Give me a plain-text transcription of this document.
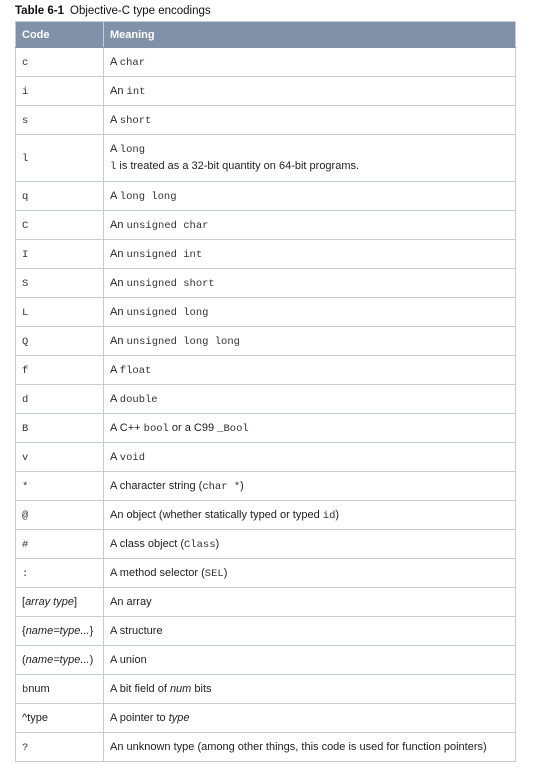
Table 6-1 Objective-C type encodings
Code	Meaning
c	A char
i	An int
s	A short
l	A long
l is treated as a 32-bit quantity on 64-bit programs.

q	A long long
C	An unsigned char
I	An unsigned int
S	An unsigned short
L	An unsigned long
Q	An unsigned long long
f	A float
d	A double
B	A C++ bool or a C99 _Bool
v	A void
*	A character string (char *)
@	An object (whether statically typed or typed id)
#	A class object (Class)
:	A method selector (SEL)
[array type]	An array
{name=type...}	A structure
(name=type...)	A union
bnum	A bit field of num bits
^type	A pointer to type
?	An unknown type (among other things, this code is used for function pointers)
